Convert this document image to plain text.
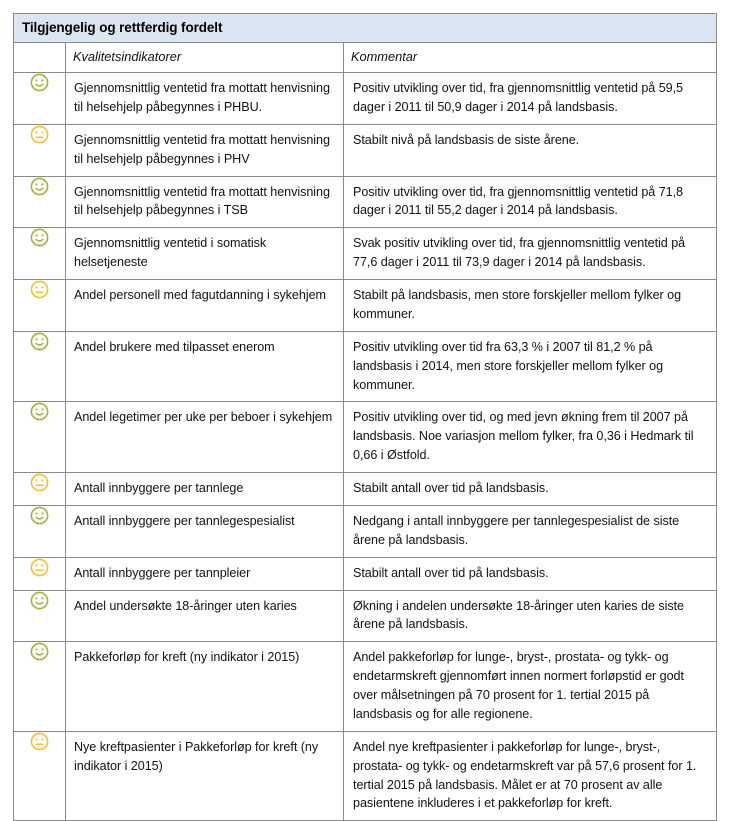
Tilgjengelig og rettferdig fordelt		
	Kvalitetsindikatorer	Kommentar

	Gjennomsnittlig ventetid fra mottatt henvisning til helsehjelp påbegynnes i PHBU.	Positiv utvikling over tid, fra gjennomsnittlig ventetid på 59,5 dager i 2011 til 50,9 dager i 2014 på landsbasis.

	Gjennomsnittlig ventetid fra mottatt henvisning til helsehjelp påbegynnes i PHV	Stabilt nivå på landsbasis de siste årene.

	Gjennomsnittlig ventetid fra mottatt henvisning til helsehjelp påbegynnes i TSB	Positiv utvikling over tid, fra gjennomsnittlig ventetid på 71,8 dager i 2011 til 55,2 dager i 2014 på landsbasis.

	Gjennomsnittlig ventetid i somatisk helsetjeneste	Svak positiv utvikling over tid, fra gjennomsnittlig ventetid på 77,6 dager i 2011 til 73,9 dager i 2014 på landsbasis.

	Andel personell med fagutdanning i sykehjem	Stabilt på landsbasis, men store forskjeller mellom fylker og kommuner.

	Andel brukere med tilpasset enerom	Positiv utvikling over tid fra 63,3 % i 2007 til 81,2 % på landsbasis i 2014, men store forskjeller mellom fylker og kommuner.

	Andel legetimer per uke per beboer i sykehjem	Positiv utvikling over tid, og med jevn økning frem til 2007 på landsbasis. Noe variasjon mellom fylker, fra 0,36 i Hedmark til 0,66 i Østfold.

	Antall innbyggere per tannlege	Stabilt antall over tid på landsbasis.

	Antall innbyggere per tannlegespesialist	Nedgang i antall innbyggere per tannlegespesialist de siste årene på landsbasis.

	Antall innbyggere per tannpleier	Stabilt antall over tid på landsbasis.

	Andel undersøkte 18-åringer uten karies	Økning i andelen undersøkte 18-åringer uten karies de siste årene på landsbasis.

	Pakkeforløp for kreft (ny indikator i 2015)	Andel pakkeforløp for lunge-, bryst-, prostata- og tykk- og endetarmskreft gjennomført innen normert forløpstid er godt over målsetningen på 70 prosent for 1. tertial 2015 på landsbasis og for alle regionene.

	Nye kreftpasienter i Pakkeforløp for kreft (ny indikator i 2015)	Andel nye kreftpasienter i pakkeforløp for lunge-, bryst-, prostata- og tykk- og endetarmskreft var på 57,6 prosent for 1. tertial 2015 på landsbasis. Målet er at 70 prosent av alle pasientene inkluderes i et pakkeforløp for kreft.
